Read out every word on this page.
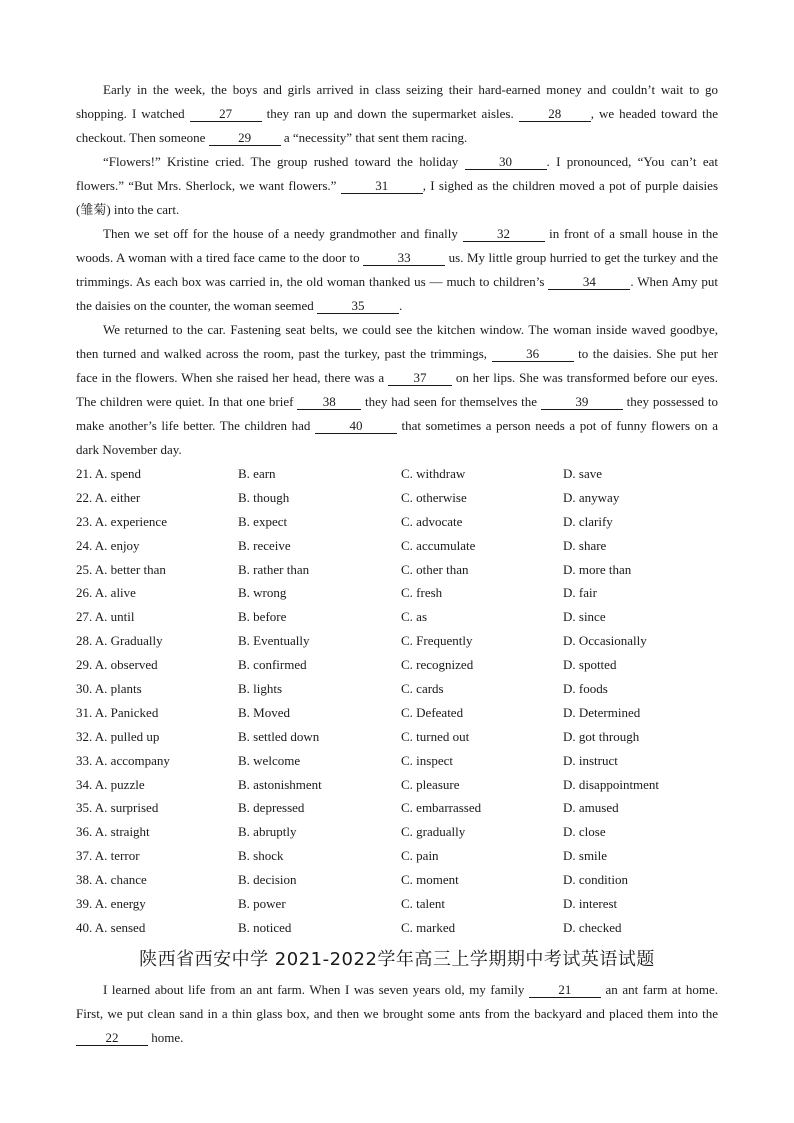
Early in the week, the boys and girls arrived in class seizing their hard-earned money and couldn’t wait to go shopping. I watched 27 they ran up and down the supermarket aisles. 28 , we headed toward the checkout. Then someone 29 a “necessity” that sent them racing.

“Flowers!” Kristine cried. The group rushed toward the holiday	30	. I pronounced, “You can’t eat flowers.” “But Mrs. Sherlock, we want flowers.”	31	, I sighed as the children moved a pot of purple daisies (雏菊) into the cart.

Then we set off for the house of a needy grandmother and finally	32	in front of a small house in the woods. A woman with a tired face came to the door to	33	us. My little group hurried to get the turkey and the trimmings. As each box was carried in, the old woman thanked us — much to children’s	34	. When Amy put the daisies on the counter, the woman seemed	35	.

We returned to the car. Fastening seat belts, we could see the kitchen window. The woman inside waved goodbye, then turned and walked across the room, past the turkey, past the trimmings,	36	to the daisies. She put her face in the flowers. When she raised her head, there was a 37 on her lips. She was transformed before our eyes. The children were quiet. In that one brief 38 they had seen for themselves the	39	they possessed to make another’s life better. The children had	40	that sometimes a person needs a pot of funny flowers on a dark November day.

21. A. spend	B. earn	C. withdraw	D. save
22. A. either	B. though	C. otherwise	D. anyway
23. A. experience	B. expect	C. advocate	D. clarify
24. A. enjoy	B. receive	C. accumulate	D. share
25. A. better than	B. rather than	C. other than	D. more than
26. A. alive	B. wrong	C. fresh	D. fair
27. A. until	B. before	C. as	D. since
28. A. Gradually	B. Eventually	C. Frequently	D. Occasionally
29. A. observed	B. confirmed	C. recognized	D. spotted
30. A. plants	B. lights	C. cards	D. foods
31. A. Panicked	B. Moved	C. Defeated	D. Determined
32. A. pulled up	B. settled down	C. turned out	D. got through
33. A. accompany	B. welcome	C. inspect	D. instruct
34. A. puzzle	B. astonishment	C. pleasure	D. disappointment
35. A. surprised	B. depressed	C. embarrassed	D. amused
36. A. straight	B. abruptly	C. gradually	D. close
37. A. terror	B. shock	C. pain	D. smile
38. A. chance	B. decision	C. moment	D. condition
39. A. energy	B. power	C. talent	D. interest
40. A. sensed	B. noticed	C. marked	D. checked
陕西省西安中学 2021-2022学年高三上学期期中考试英语试题

I learned about life from an ant farm. When I was seven years old, my family 21 an ant farm at home. First, we put clean sand in a thin glass box, and then we brought some ants from the backyard and placed them into the 22 home.
